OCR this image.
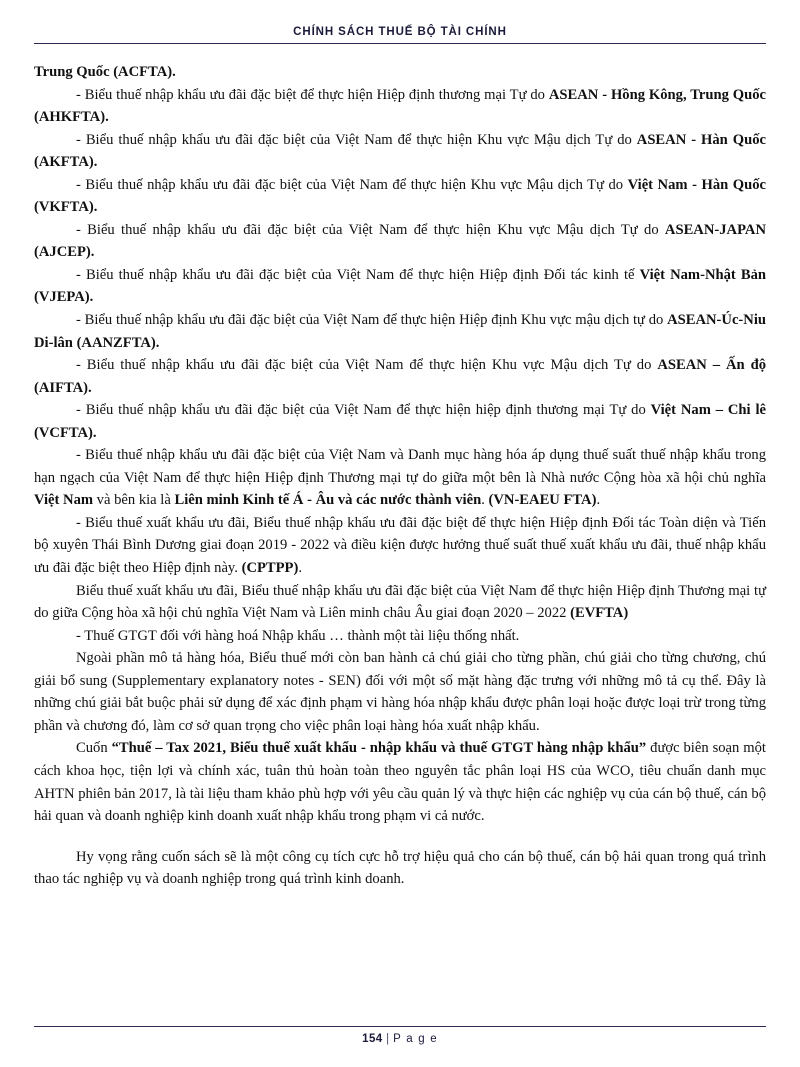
CHÍNH SÁCH THUẾ BỘ TÀI CHÍNH

Trung Quốc (ACFTA).

- Biểu thuế nhập khẩu ưu đãi đặc biệt để thực hiện Hiệp định thương mại Tự do ASEAN - Hồng Kông, Trung Quốc (AHKFTA).

- Biểu thuế nhập khẩu ưu đãi đặc biệt của Việt Nam để thực hiện Khu vực Mậu dịch Tự do ASEAN - Hàn Quốc (AKFTA).

- Biểu thuế nhập khẩu ưu đãi đặc biệt của Việt Nam để thực hiện Khu vực Mậu dịch Tự do Việt Nam - Hàn Quốc (VKFTA).

- Biểu thuế nhập khẩu ưu đãi đặc biệt của Việt Nam để thực hiện Khu vực Mậu dịch Tự do ASEAN-JAPAN (AJCEP).

- Biểu thuế nhập khẩu ưu đãi đặc biệt của Việt Nam để thực hiện Hiệp định Đối tác kinh tế Việt Nam-Nhật Bản (VJEPA).

- Biểu thuế nhập khẩu ưu đãi đặc biệt của Việt Nam để thực hiện Hiệp định Khu vực mậu dịch tự do ASEAN-Úc-Niu Di-lân (AANZFTA).

- Biểu thuế nhập khẩu ưu đãi đặc biệt của Việt Nam để thực hiện Khu vực Mậu dịch Tự do ASEAN – Ấn độ (AIFTA).

- Biểu thuế nhập khẩu ưu đãi đặc biệt của Việt Nam để thực hiện hiệp định thương mại Tự do Việt Nam – Chi lê (VCFTA).

- Biểu thuế nhập khẩu ưu đãi đặc biệt của Việt Nam và Danh mục hàng hóa áp dụng thuế suất thuế nhập khẩu trong hạn ngạch của Việt Nam để thực hiện Hiệp định Thương mại tự do giữa một bên là Nhà nước Cộng hòa xã hội chủ nghĩa Việt Nam và bên kia là Liên minh Kinh tế Á - Âu và các nước thành viên. (VN-EAEU FTA).

- Biểu thuế xuất khẩu ưu đãi, Biểu thuế nhập khẩu ưu đãi đặc biệt để thực hiện Hiệp định Đối tác Toàn diện và Tiến bộ xuyên Thái Bình Dương giai đoạn 2019 - 2022 và điều kiện được hưởng thuế suất thuế xuất khẩu ưu đãi, thuế nhập khẩu ưu đãi đặc biệt theo Hiệp định này. (CPTPP).

Biểu thuế xuất khẩu ưu đãi, Biểu thuế nhập khẩu ưu đãi đặc biệt của Việt Nam để thực hiện Hiệp định Thương mại tự do giữa Cộng hòa xã hội chủ nghĩa Việt Nam và Liên minh châu Âu giai đoạn 2020 – 2022 (EVFTA)

- Thuế GTGT đối với hàng hoá Nhập khẩu … thành một tài liệu thống nhất.

Ngoài phần mô tả hàng hóa, Biểu thuế mới còn ban hành cả chú giải cho từng phần, chú giải cho từng chương, chú giải bổ sung (Supplementary explanatory notes - SEN) đối với một số mặt hàng đặc trưng với những mô tả cụ thể. Đây là những chú giải bắt buộc phải sử dụng để xác định phạm vi hàng hóa nhập khẩu được phân loại hoặc được loại trừ trong từng phần và chương đó, làm cơ sở quan trọng cho việc phân loại hàng hóa xuất nhập khẩu.

Cuốn “Thuế – Tax 2021, Biểu thuế xuất khẩu - nhập khẩu và thuế GTGT hàng nhập khẩu” được biên soạn một cách khoa học, tiện lợi và chính xác, tuân thủ hoàn toàn theo nguyên tắc phân loại HS của WCO, tiêu chuẩn danh mục AHTN phiên bản 2017, là tài liệu tham khảo phù hợp với yêu cầu quản lý và thực hiện các nghiệp vụ của cán bộ thuế, cán bộ hải quan và doanh nghiệp kinh doanh xuất nhập khẩu trong phạm vi cả nước.

Hy vọng rằng cuốn sách sẽ là một công cụ tích cực hỗ trợ hiệu quả cho cán bộ thuế, cán bộ hải quan trong quá trình thao tác nghiệp vụ và doanh nghiệp trong quá trình kinh doanh.

154 | P a g e
